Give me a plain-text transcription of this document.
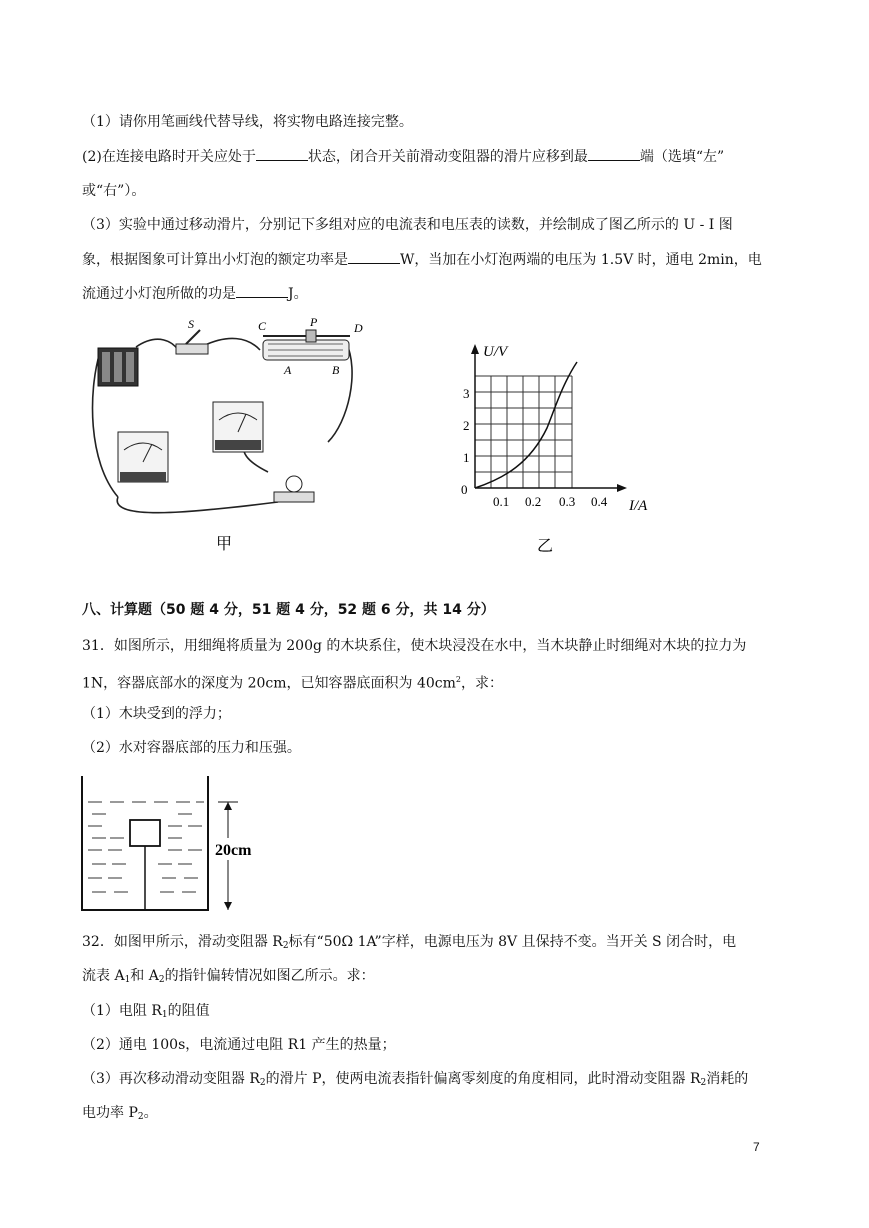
（1）请你用笔画线代替导线，将实物电路连接完整。
(2)在连接电路时开关应处于	状态，闭合开关前滑动变阻器的滑片应移到最	端（选填“左”
或“右”）。
（3）实验中通过移动滑片，分别记下多组对应的电流表和电压表的读数，并绘制成了图乙所示的 U - I 图
象，根据图象可计算出小灯泡的额定功率是	W，当加在小灯泡两端的电压为 1.5V 时，通电 2min，电
流通过小灯泡所做的功是	J。
S	C	P	D
A	B
甲
U/V
I/A
0
1
2
3
0.1 0.2 0.3 0.4
乙
八、计算题（50 题 4 分，51 题 4 分，52 题 6 分，共 14 分）
31．如图所示，用细绳将质量为 200g 的木块系住，使木块浸没在水中，当木块静止时细绳对木块的拉力为
1N，容器底部水的深度为 20cm，已知容器底面积为 $40cm^2$，求：
（1）木块受到的浮力；
（2）水对容器底部的压力和压强。
20cm
32．如图甲所示，滑动变阻器 $R_2$标有“50Ω 1A”字样，电源电压为 8V 且保持不变。当开关 S 闭合时，电
流表 $A_1$和 $A_2$的指针偏转情况如图乙所示。求：
（1）电阻 $R_1$的阻值
（2）通电 100s，电流通过电阻 R1 产生的热量；
（3）再次移动滑动变阻器 $R_2$的滑片 P，使两电流表指针偏离零刻度的角度相同，此时滑动变阻器 $R_2$消耗的
电功率 $P_2$。
7
